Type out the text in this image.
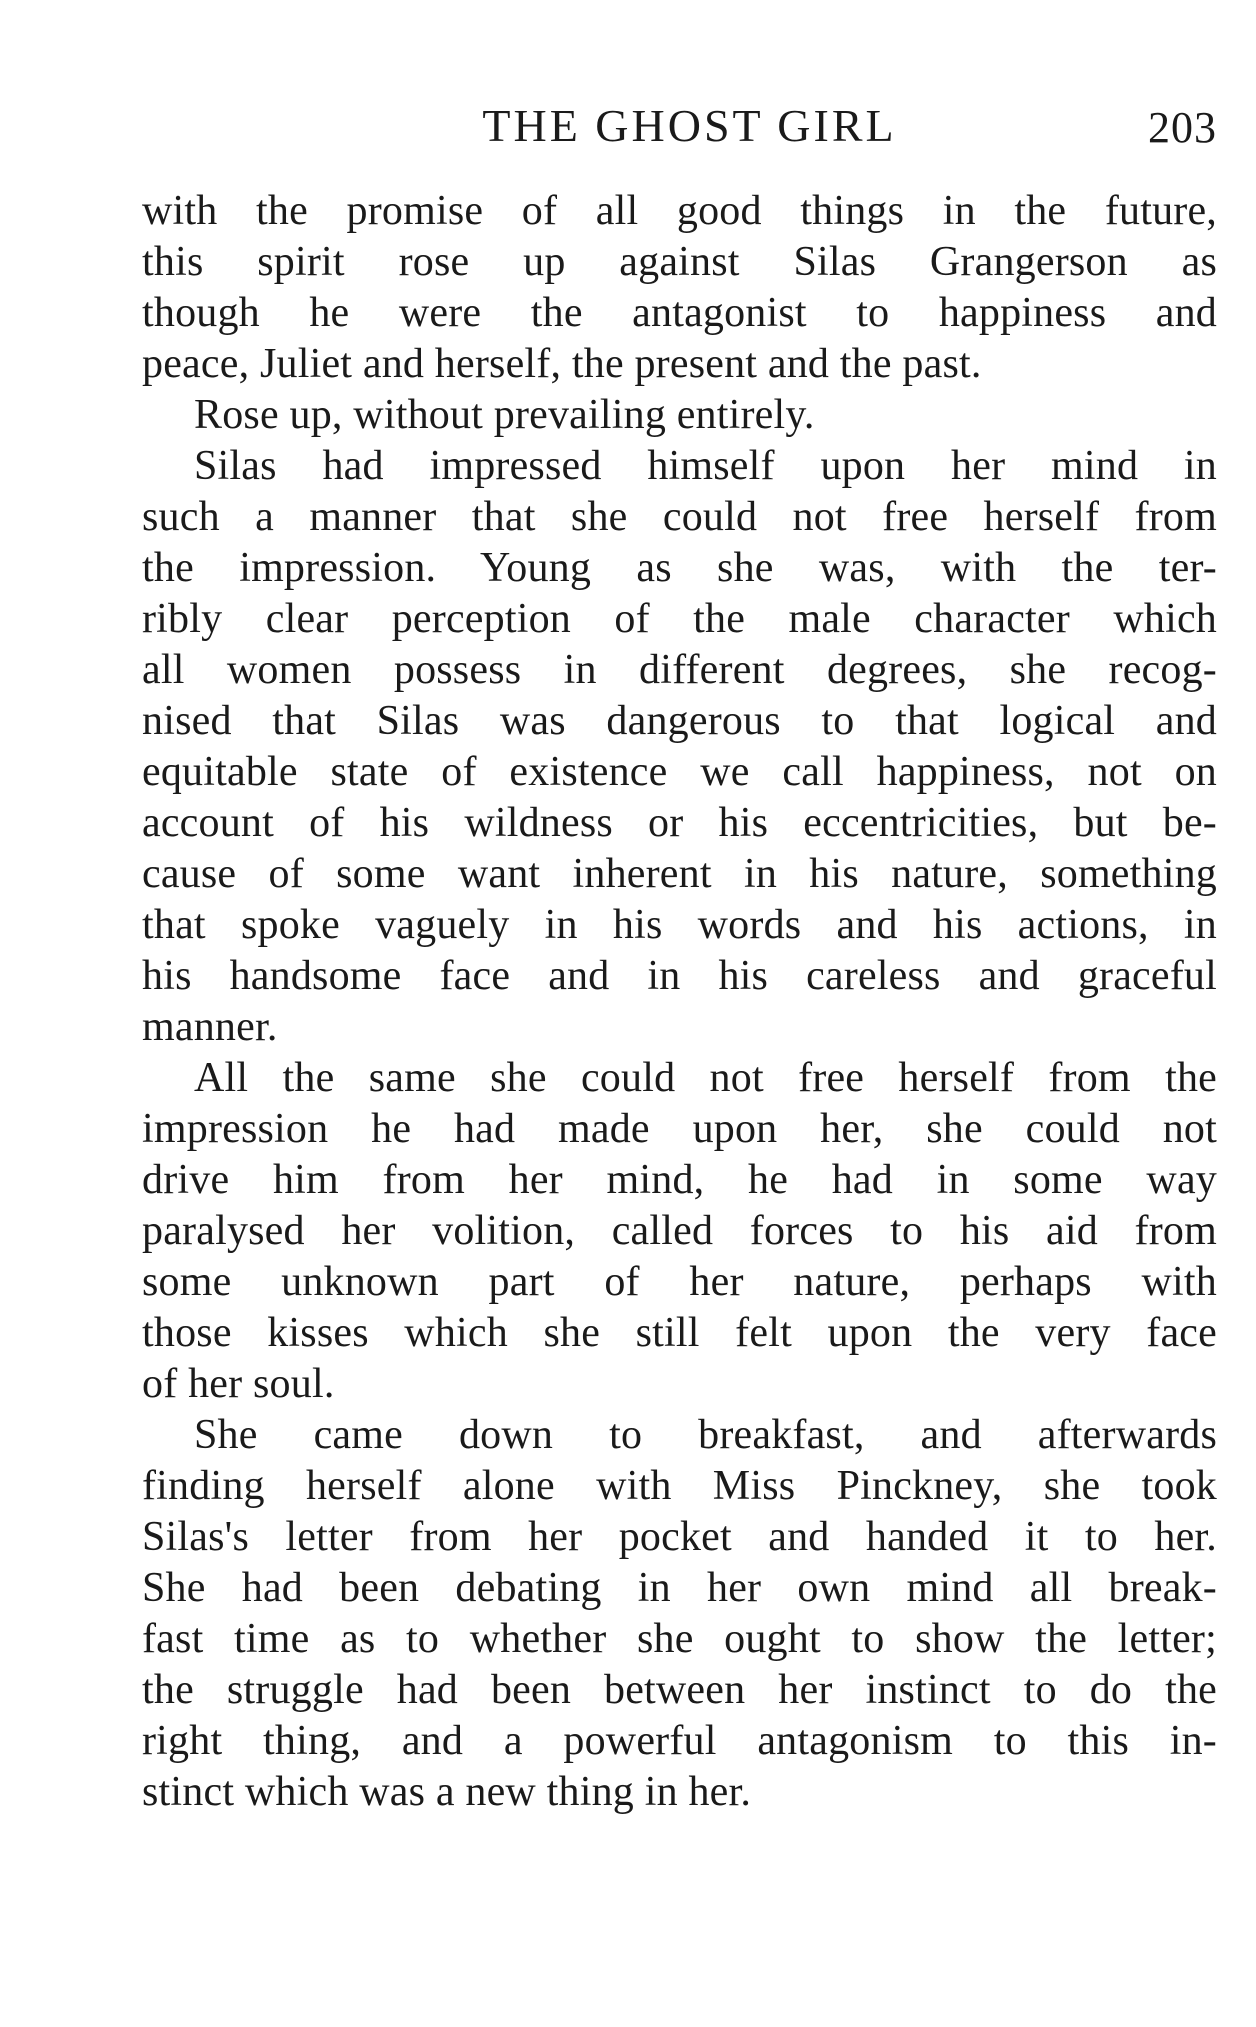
THE GHOST GIRL	203
with the promise of all good things in the future,
this spirit rose up against Silas Grangerson as
though he were the antagonist to happiness and
peace, Juliet and herself, the present and the past.
Rose up, without prevailing entirely.
Silas had impressed himself upon her mind in
such a manner that she could not free herself from
the impression. Young as she was, with the ter-
ribly clear perception of the male character which
all women possess in different degrees, she recog-
nised that Silas was dangerous to that logical and
equitable state of existence we call happiness, not on
account of his wildness or his eccentricities, but be-
cause of some want inherent in his nature, something
that spoke vaguely in his words and his actions, in
his handsome face and in his careless and graceful
manner.
All the same she could not free herself from the
impression he had made upon her, she could not
drive him from her mind, he had in some way
paralysed her volition, called forces to his aid from
some unknown part of her nature, perhaps with
those kisses which she still felt upon the very face
of her soul.
She came down to breakfast, and afterwards
finding herself alone with Miss Pinckney, she took
Silas's letter from her pocket and handed it to her.
She had been debating in her own mind all break-
fast time as to whether she ought to show the letter;
the struggle had been between her instinct to do the
right thing, and a powerful antagonism to this in-
stinct which was a new thing in her.
